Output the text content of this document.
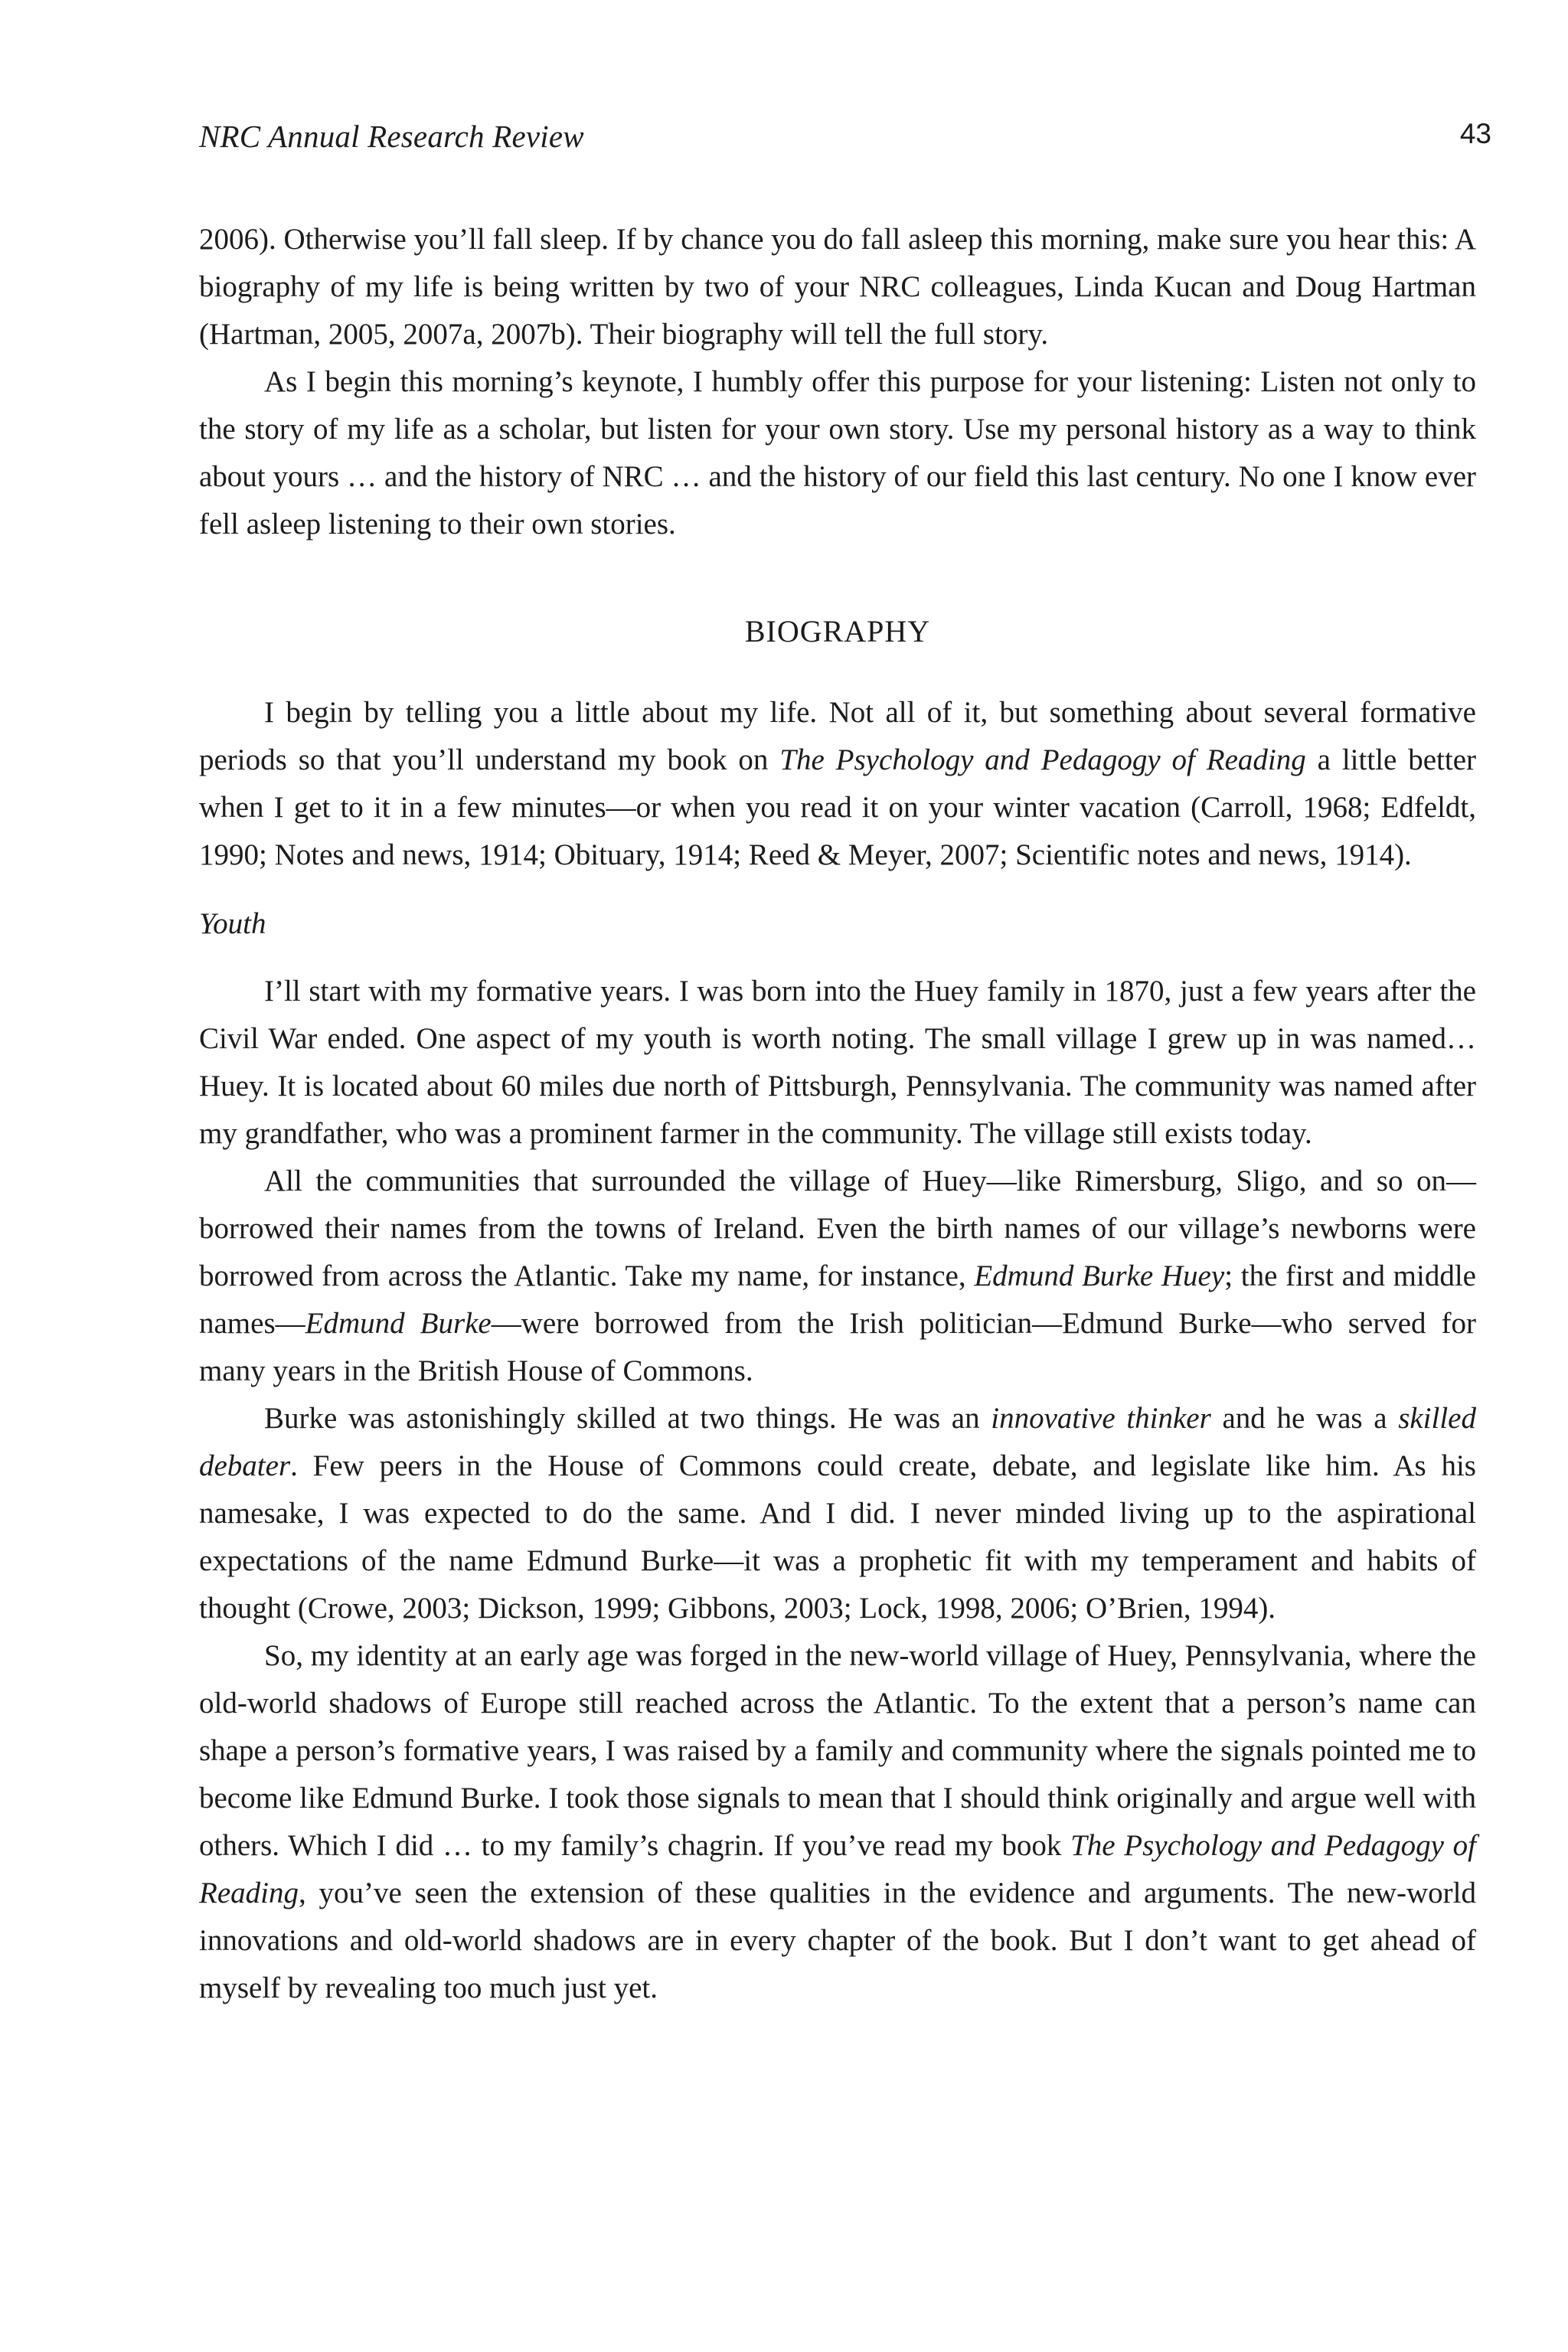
NRC Annual Research Review	43

2006). Otherwise you’ll fall sleep. If by chance you do fall asleep this morning, make sure you hear this: A biography of my life is being written by two of your NRC colleagues, Linda Kucan and Doug Hartman (Hartman, 2005, 2007a, 2007b). Their biography will tell the full story.

As I begin this morning’s keynote, I humbly offer this purpose for your listening: Listen not only to the story of my life as a scholar, but listen for your own story. Use my personal history as a way to think about yours … and the history of NRC … and the history of our field this last century. No one I know ever fell asleep listening to their own stories.

BIOGRAPHY

I begin by telling you a little about my life. Not all of it, but something about several formative periods so that you’ll understand my book on The Psychology and Pedagogy of Reading a little better when I get to it in a few minutes—or when you read it on your winter vacation (Carroll, 1968; Edfeldt, 1990; Notes and news, 1914; Obituary, 1914; Reed & Meyer, 2007; Scientific notes and news, 1914).

Youth

I’ll start with my formative years. I was born into the Huey family in 1870, just a few years after the Civil War ended. One aspect of my youth is worth noting. The small village I grew up in was named…Huey. It is located about 60 miles due north of Pittsburgh, Pennsylvania. The community was named after my grandfather, who was a prominent farmer in the community. The village still exists today.

All the communities that surrounded the village of Huey—like Rimersburg, Sligo, and so on—borrowed their names from the towns of Ireland. Even the birth names of our village’s newborns were borrowed from across the Atlantic. Take my name, for instance, Edmund Burke Huey; the first and middle names—Edmund Burke—were borrowed from the Irish politician—Edmund Burke—who served for many years in the British House of Commons.

Burke was astonishingly skilled at two things. He was an innovative thinker and he was a skilled debater. Few peers in the House of Commons could create, debate, and legislate like him. As his namesake, I was expected to do the same. And I did. I never minded living up to the aspirational expectations of the name Edmund Burke—it was a prophetic fit with my temperament and habits of thought (Crowe, 2003; Dickson, 1999; Gibbons, 2003; Lock, 1998, 2006; O’Brien, 1994).

So, my identity at an early age was forged in the new-world village of Huey, Pennsylvania, where the old-world shadows of Europe still reached across the Atlantic. To the extent that a person’s name can shape a person’s formative years, I was raised by a family and community where the signals pointed me to become like Edmund Burke. I took those signals to mean that I should think originally and argue well with others. Which I did … to my family’s chagrin. If you’ve read my book The Psychology and Pedagogy of Reading, you’ve seen the extension of these qualities in the evidence and arguments. The new-world innovations and old-world shadows are in every chapter of the book. But I don’t want to get ahead of myself by revealing too much just yet.
